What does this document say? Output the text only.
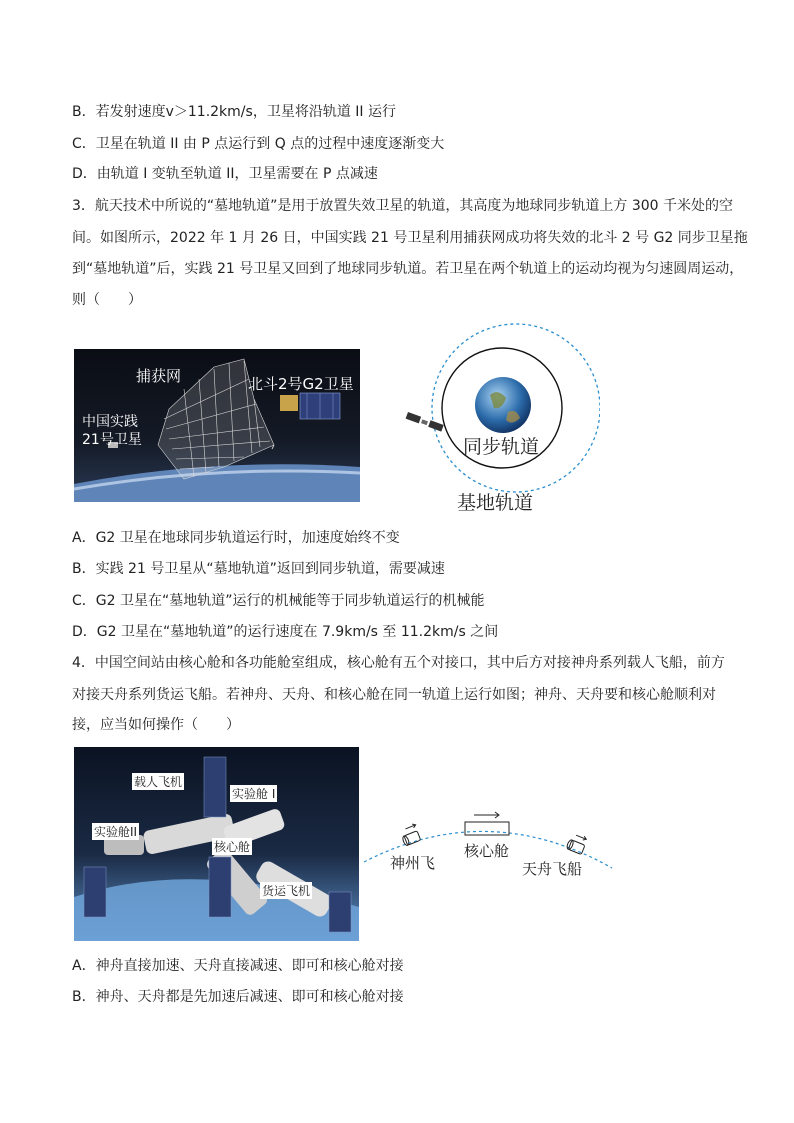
B．若发射速度v＞11.2km/s，卫星将沿轨道 II 运行
C．卫星在轨道 II 由 P 点运行到 Q 点的过程中速度逐渐变大
D．由轨道 I 变轨至轨道 II，卫星需要在 P 点减速
3．航天技术中所说的“墓地轨道”是用于放置失效卫星的轨道，其高度为地球同步轨道上方 300 千米处的空
间。如图所示，2022 年 1 月 26 日，中国实践 21 号卫星利用捕获网成功将失效的北斗 2 号 G2 同步卫星拖
到“墓地轨道”后，实践 21 号卫星又回到了地球同步轨道。若卫星在两个轨道上的运动均视为匀速圆周运动，
则（　　）
捕获网	北斗2号G2卫星
中国实践
21号卫星	同步轨道
基地轨道
A．G2 卫星在地球同步轨道运行时，加速度始终不变
B．实践 21 号卫星从“墓地轨道”返回到同步轨道，需要减速
C．G2 卫星在“墓地轨道”运行的机械能等于同步轨道运行的机械能
D．G2 卫星在“墓地轨道”的运行速度在 7.9km/s 至 11.2km/s 之间
4．中国空间站由核心舱和各功能舱室组成，核心舱有五个对接口，其中后方对接神舟系列载人飞船，前方
对接天舟系列货运飞船。若神舟、天舟、和核心舱在同一轨道上运行如图；神舟、天舟要和核心舱顺利对
接，应当如何操作（　　）
载人飞机
实验舱 I
实验舱II
核心舱
货运飞机
神州飞
核心舱
天舟飞船
A．神舟直接加速、天舟直接减速、即可和核心舱对接
B．神舟、天舟都是先加速后减速、即可和核心舱对接
